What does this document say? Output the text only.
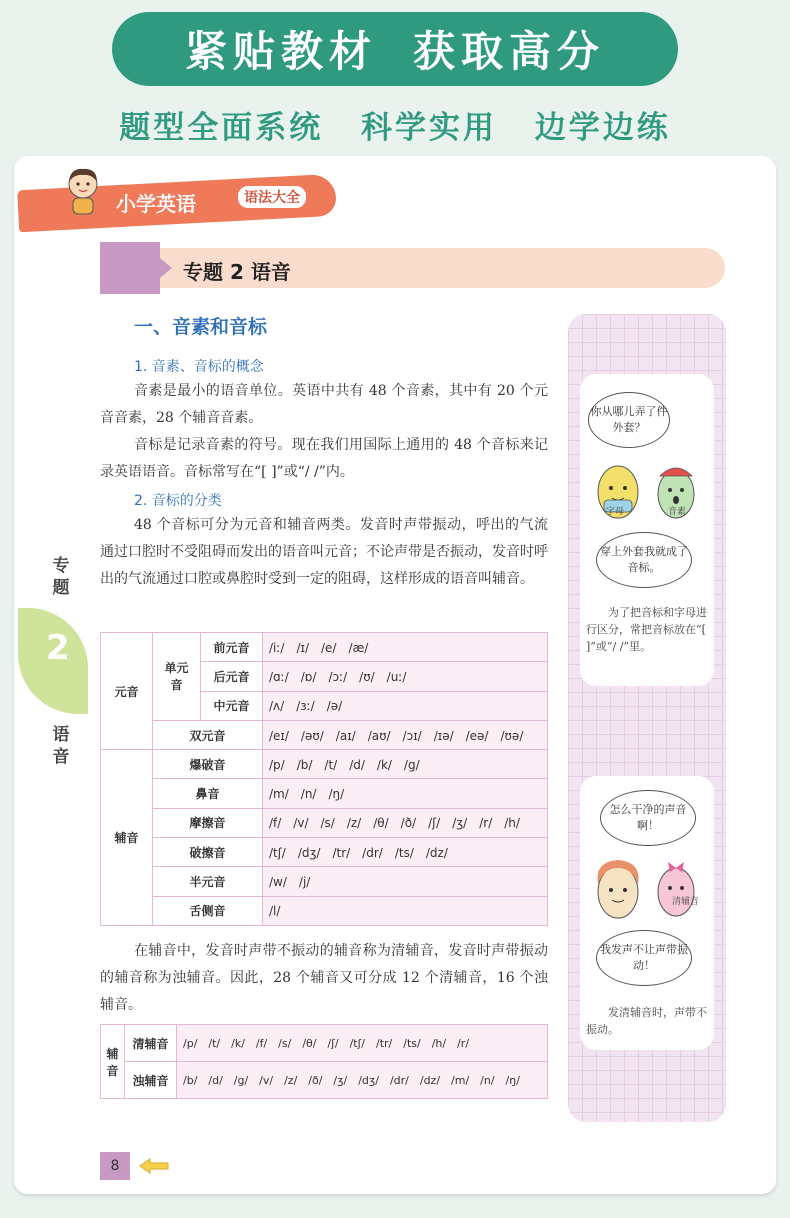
紧贴教材 获取高分
题型全面系统 科学实用 边学边练
小学英语	语法大全
专题 2 语音
专题
2
语音
一、音素和音标
1. 音素、音标的概念
音素是最小的语音单位。英语中共有 48 个音素，其中有 20 个元音音素，28 个辅音音素。
音标是记录音素的符号。现在我们用国际上通用的 48 个音标来记录英语语音。音标常写在“[ ]”或“/ /”内。
2. 音标的分类
48 个音标可分为元音和辅音两类。发音时声带振动，呼出的气流通过口腔时不受阻碍而发出的语音叫元音；不论声带是否振动，发音时呼出的气流通过口腔或鼻腔时受到一定的阻碍，这样形成的语音叫辅音。
元音	单元音	前元音	/iː/　/ɪ/　/e/　/æ/
		后元音	/ɑː/　/ɒ/　/ɔː/　/ʊ/　/uː/
		中元音	/ʌ/　/ɜː/　/ə/
	双元音		/eɪ/　/əʊ/　/aɪ/　/aʊ/　/ɔɪ/　/ɪə/　/eə/　/ʊə/
辅音	爆破音		/p/　/b/　/t/　/d/　/k/　/g/
	鼻音		/m/　/n/　/ŋ/
	摩擦音		/f/　/v/　/s/　/z/　/θ/　/ð/　/ʃ/　/ʒ/　/r/　/h/
	破擦音		/tʃ/　/dʒ/　/tr/　/dr/　/ts/　/dz/
	半元音		/w/　/j/
	舌侧音		/l/
在辅音中，发音时声带不振动的辅音称为清辅音，发音时声带振动的辅音称为浊辅音。因此，28 个辅音又可分成 12 个清辅音，16 个浊辅音。
辅音	清辅音	/p/　/t/　/k/　/f/　/s/　/θ/　/ʃ/　/tʃ/　/tr/　/ts/　/h/　/r/
	浊辅音	/b/　/d/　/g/　/v/　/z/　/ð/　/ʒ/　/dʒ/　/dr/　/dz/　/m/　/n/　/ŋ/
你从哪儿弄了件外套？
字母	音素
穿上外套我就成了音标。
为了把音标和字母进行区分，常把音标放在“[ ]”或“/ /”里。
怎么干净的声音啊！
清辅音
我发声不让声带振动！
发清辅音时，声带不振动。
8
